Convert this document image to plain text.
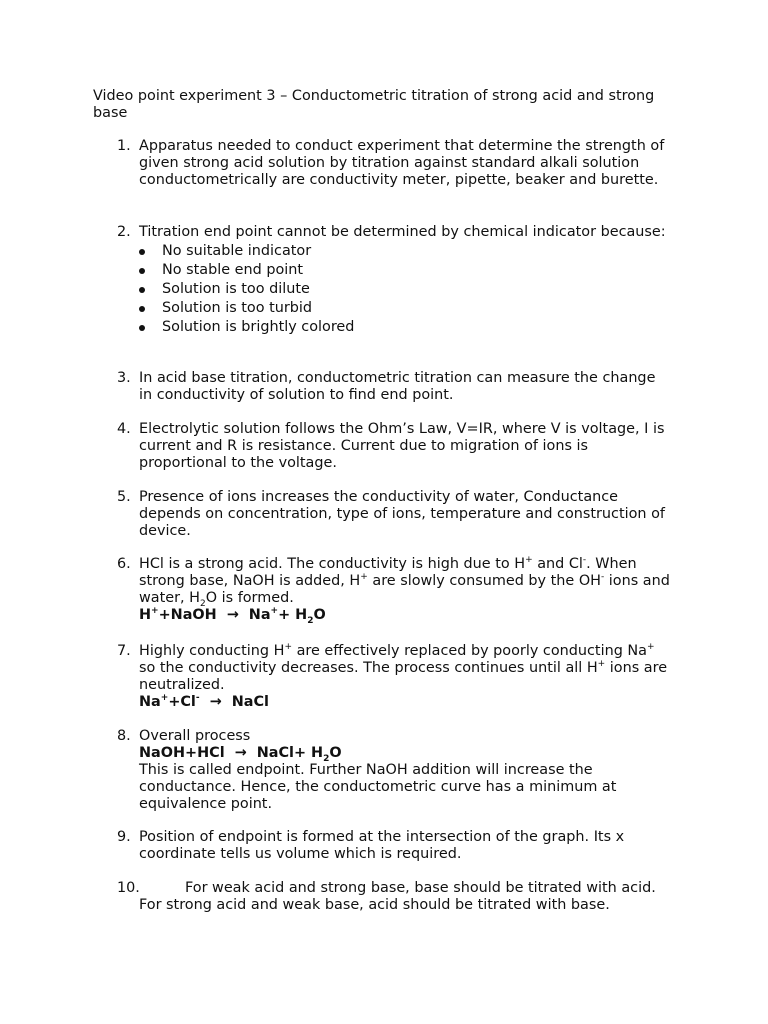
Video point experiment 3 – Conductometric titration of strong acid and strong base
1. Apparatus needed to conduct experiment that determine the strength of given strong acid solution by titration against standard alkali solution conductometrically are conductivity meter, pipette, beaker and burette.
2. Titration end point cannot be determined by chemical indicator because:
No suitable indicator
No stable end point
Solution is too dilute
Solution is too turbid
Solution is brightly colored
3. In acid base titration, conductometric titration can measure the change in conductivity of solution to find end point.
4. Electrolytic solution follows the Ohm’s Law, V=IR, where V is voltage, I is current and R is resistance. Current due to migration of ions is proportional to the voltage.
5. Presence of ions increases the conductivity of water, Conductance depends on concentration, type of ions, temperature and construction of device.
6. HCl is a strong acid. The conductivity is high due to H+ and Cl-. When strong base, NaOH is added, H+ are slowly consumed by the OH- ions and water, $H_2O$ is formed.
H++NaOH  →  $Na^++ H_2O$
7. Highly conducting H+ are effectively replaced by poorly conducting Na+ so the conductivity decreases. The process continues until all H+ ions are neutralized.
Na++Cl-  →  NaCl
8. Overall process
NaOH+HCl  →  NaCl+ $H_2O$
This is called endpoint. Further NaOH addition will increase the conductance. Hence, the conductometric curve has a minimum at equivalence point.
9. Position of endpoint is formed at the intersection of the graph. Its x coordinate tells us volume which is required.
10.	For weak acid and strong base, base should be titrated with acid. For strong acid and weak base, acid should be titrated with base.
